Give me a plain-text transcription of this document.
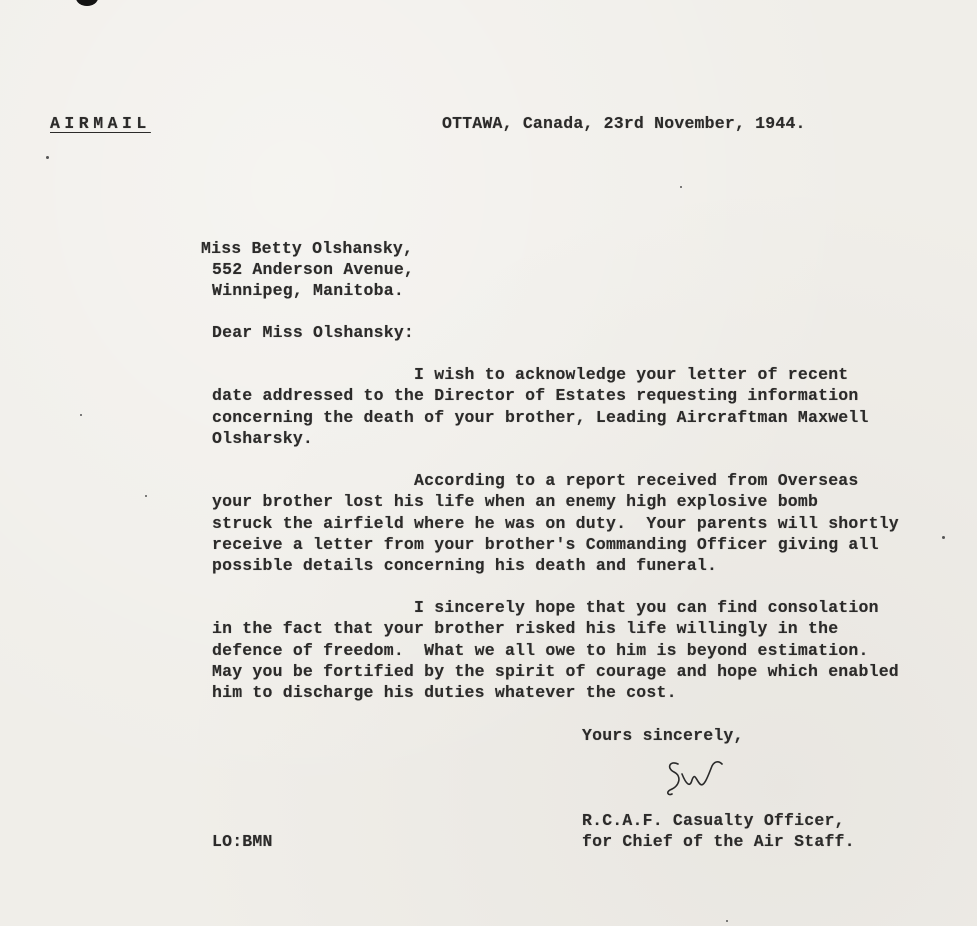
AIRMAIL	OTTAWA, Canada, 23rd November, 1944.
Miss Betty Olshansky,
552 Anderson Avenue,
Winnipeg, Manitoba.
Dear Miss Olshansky:
I wish to acknowledge your letter of recent
date addressed to the Director of Estates requesting information
concerning the death of your brother, Leading Aircraftman Maxwell
Olsharsky.
According to a report received from Overseas
your brother lost his life when an enemy high explosive bomb
struck the airfield where he was on duty.  Your parents will shortly
receive a letter from your brother's Commanding Officer giving all
possible details concerning his death and funeral.
I sincerely hope that you can find consolation
in the fact that your brother risked his life willingly in the
defence of freedom.  What we all owe to him is beyond estimation.
May you be fortified by the spirit of courage and hope which enabled
him to discharge his duties whatever the cost.
Yours sincerely,
R.C.A.F. Casualty Officer,
for Chief of the Air Staff.
LO:BMN
